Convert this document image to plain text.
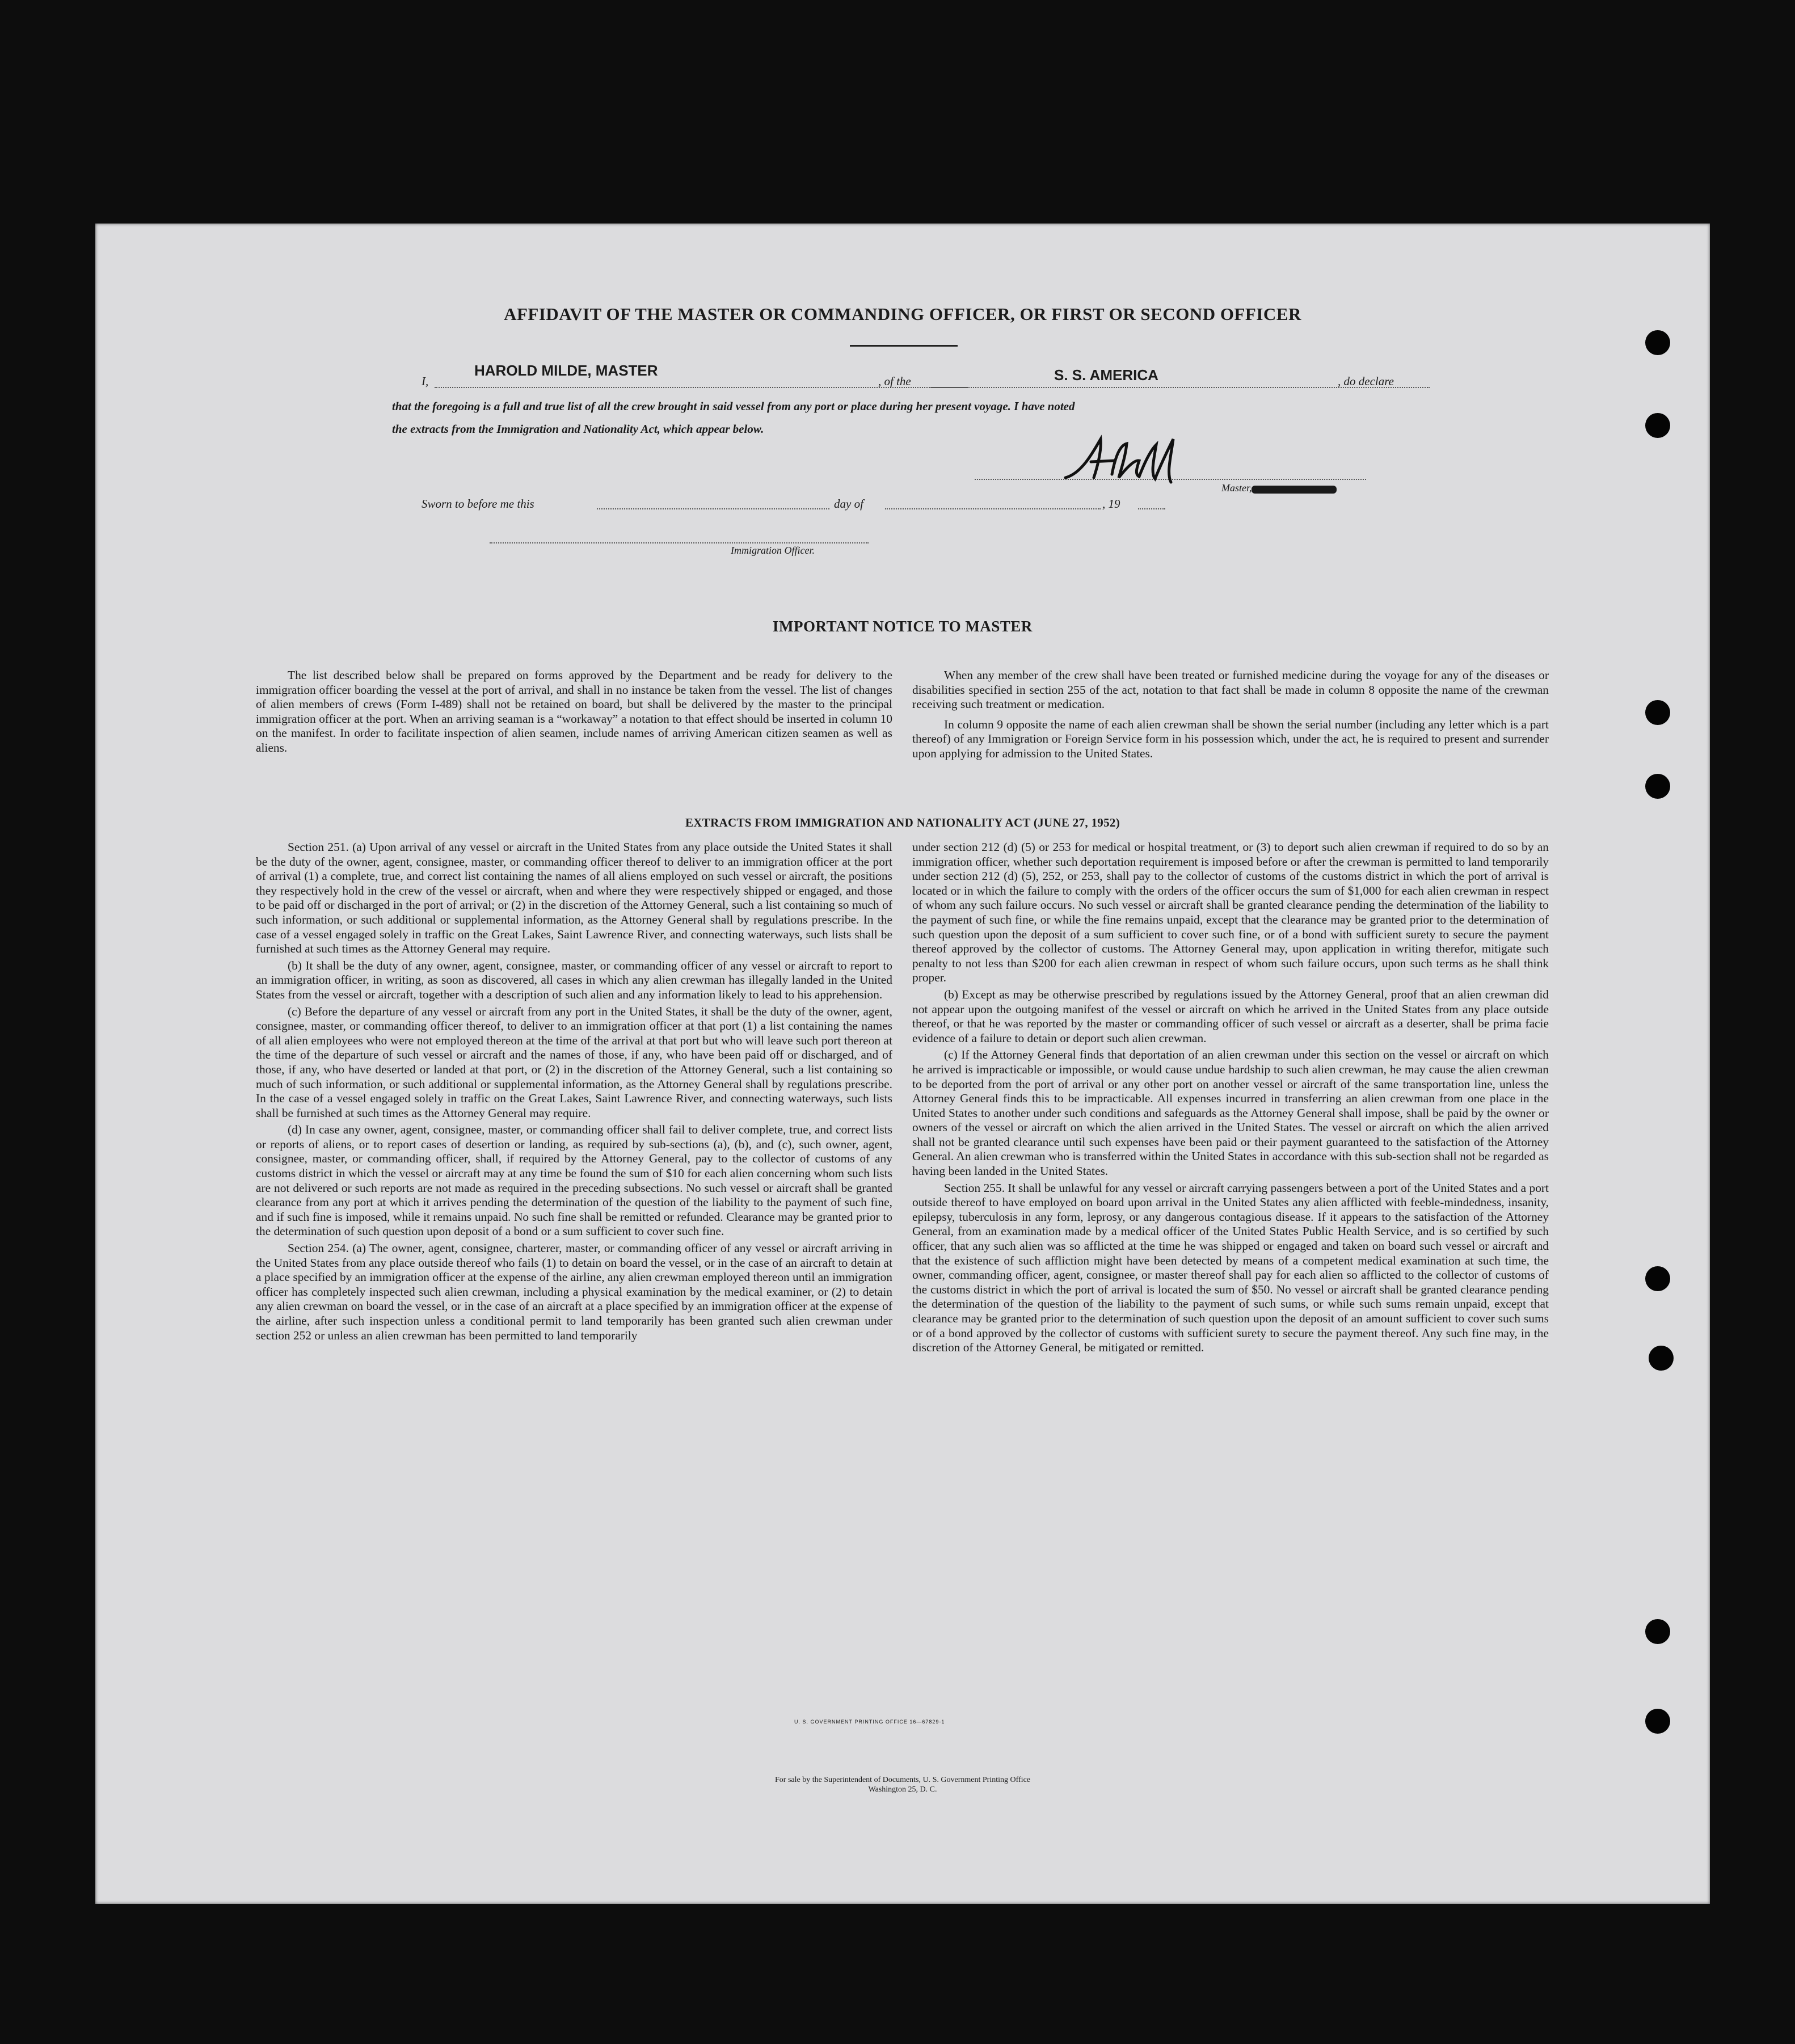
AFFIDAVIT OF THE MASTER OR COMMANDING OFFICER, OR FIRST OR SECOND OFFICER
I,
HAROLD MILDE, MASTER
, of the	S. S. AMERICA	, do declare
that the foregoing is a full and true list of all the crew brought in said vessel from any port or place during her present voyage. I have noted
the extracts from the Immigration and Nationality Act, which appear below.
Master,
Sworn to before me this	day of	, 19
Immigration Officer.
IMPORTANT NOTICE TO MASTER

The list described below shall be prepared on forms approved by the Department and be ready for delivery to the immigration officer boarding the vessel at the port of arrival, and shall in no instance be taken from the vessel. The list of changes of alien members of crews (Form I-489) shall not be retained on board, but shall be delivered by the master to the principal immigration officer at the port. When an arriving seaman is a “workaway” a notation to that effect should be inserted in column 10 on the manifest. In order to facilitate inspection of alien seamen, include names of arriving American citizen seamen as well as aliens.

When any member of the crew shall have been treated or furnished medicine during the voyage for any of the diseases or disabilities specified in section 255 of the act, notation to that fact shall be made in column 8 opposite the name of the crewman receiving such treatment or medication.

In column 9 opposite the name of each alien crewman shall be shown the serial number (including any letter which is a part thereof) of any Immigration or Foreign Service form in his possession which, under the act, he is required to present and surrender upon applying for admission to the United States.

EXTRACTS FROM IMMIGRATION AND NATIONALITY ACT (JUNE 27, 1952)

Section 251. (a) Upon arrival of any vessel or aircraft in the United States from any place outside the United States it shall be the duty of the owner, agent, consignee, master, or commanding officer thereof to deliver to an immigration officer at the port of arrival (1) a complete, true, and correct list containing the names of all aliens employed on such vessel or aircraft, the positions they respectively hold in the crew of the vessel or aircraft, when and where they were respectively shipped or engaged, and those to be paid off or discharged in the port of arrival; or (2) in the discretion of the Attorney General, such a list containing so much of such information, or such additional or supplemental information, as the Attorney General shall by regulations prescribe. In the case of a vessel engaged solely in traffic on the Great Lakes, Saint Lawrence River, and connecting waterways, such lists shall be furnished at such times as the Attorney General may require.

(b) It shall be the duty of any owner, agent, consignee, master, or commanding officer of any vessel or aircraft to report to an immigration officer, in writing, as soon as discovered, all cases in which any alien crewman has illegally landed in the United States from the vessel or aircraft, together with a description of such alien and any information likely to lead to his apprehension.

(c) Before the departure of any vessel or aircraft from any port in the United States, it shall be the duty of the owner, agent, consignee, master, or commanding officer thereof, to deliver to an immigration officer at that port (1) a list containing the names of all alien employees who were not employed thereon at the time of the arrival at that port but who will leave such port thereon at the time of the departure of such vessel or aircraft and the names of those, if any, who have been paid off or discharged, and of those, if any, who have deserted or landed at that port, or (2) in the discretion of the Attorney General, such a list containing so much of such information, or such additional or supplemental information, as the Attorney General shall by regulations prescribe. In the case of a vessel engaged solely in traffic on the Great Lakes, Saint Lawrence River, and connecting waterways, such lists shall be furnished at such times as the Attorney General may require.

(d) In case any owner, agent, consignee, master, or commanding officer shall fail to deliver complete, true, and correct lists or reports of aliens, or to report cases of desertion or landing, as required by sub-sections (a), (b), and (c), such owner, agent, consignee, master, or commanding officer, shall, if required by the Attorney General, pay to the collector of customs of any customs district in which the vessel or aircraft may at any time be found the sum of $10 for each alien concerning whom such lists are not delivered or such reports are not made as required in the preceding subsections. No such vessel or aircraft shall be granted clearance from any port at which it arrives pending the determination of the question of the liability to the payment of such fine, and if such fine is imposed, while it remains unpaid. No such fine shall be remitted or refunded. Clearance may be granted prior to the determination of such question upon deposit of a bond or a sum sufficient to cover such fine.

Section 254. (a) The owner, agent, consignee, charterer, master, or commanding officer of any vessel or aircraft arriving in the United States from any place outside thereof who fails (1) to detain on board the vessel, or in the case of an aircraft to detain at a place specified by an immigration officer at the expense of the airline, any alien crewman employed thereon until an immigration officer has completely inspected such alien crewman, including a physical examination by the medical examiner, or (2) to detain any alien crewman on board the vessel, or in the case of an aircraft at a place specified by an immigration officer at the expense of the airline, after such inspection unless a conditional permit to land temporarily has been granted such alien crewman under section 252 or unless an alien crewman has been permitted to land temporarily

under section 212 (d) (5) or 253 for medical or hospital treatment, or (3) to deport such alien crewman if required to do so by an immigration officer, whether such deportation requirement is imposed before or after the crewman is permitted to land temporarily under section 212 (d) (5), 252, or 253, shall pay to the collector of customs of the customs district in which the port of arrival is located or in which the failure to comply with the orders of the officer occurs the sum of $1,000 for each alien crewman in respect of whom any such failure occurs. No such vessel or aircraft shall be granted clearance pending the determination of the liability to the payment of such fine, or while the fine remains unpaid, except that the clearance may be granted prior to the determination of such question upon the deposit of a sum sufficient to cover such fine, or of a bond with sufficient surety to secure the payment thereof approved by the collector of customs. The Attorney General may, upon application in writing therefor, mitigate such penalty to not less than $200 for each alien crewman in respect of whom such failure occurs, upon such terms as he shall think proper.

(b) Except as may be otherwise prescribed by regulations issued by the Attorney General, proof that an alien crewman did not appear upon the outgoing manifest of the vessel or aircraft on which he arrived in the United States from any place outside thereof, or that he was reported by the master or commanding officer of such vessel or aircraft as a deserter, shall be prima facie evidence of a failure to detain or deport such alien crewman.

(c) If the Attorney General finds that deportation of an alien crewman under this section on the vessel or aircraft on which he arrived is impracticable or impossible, or would cause undue hardship to such alien crewman, he may cause the alien crewman to be deported from the port of arrival or any other port on another vessel or aircraft of the same transportation line, unless the Attorney General finds this to be impracticable. All expenses incurred in transferring an alien crewman from one place in the United States to another under such conditions and safeguards as the Attorney General shall impose, shall be paid by the owner or owners of the vessel or aircraft on which the alien arrived in the United States. The vessel or aircraft on which the alien arrived shall not be granted clearance until such expenses have been paid or their payment guaranteed to the satisfaction of the Attorney General. An alien crewman who is transferred within the United States in accordance with this sub-section shall not be regarded as having been landed in the United States.

Section 255. It shall be unlawful for any vessel or aircraft carrying passengers between a port of the United States and a port outside thereof to have employed on board upon arrival in the United States any alien afflicted with feeble-mindedness, insanity, epilepsy, tuberculosis in any form, leprosy, or any dangerous contagious disease. If it appears to the satisfaction of the Attorney General, from an examination made by a medical officer of the United States Public Health Service, and is so certified by such officer, that any such alien was so afflicted at the time he was shipped or engaged and taken on board such vessel or aircraft and that the existence of such affliction might have been detected by means of a competent medical examination at such time, the owner, commanding officer, agent, consignee, or master thereof shall pay for each alien so afflicted to the collector of customs of the customs district in which the port of arrival is located the sum of $50. No vessel or aircraft shall be granted clearance pending the determination of the question of the liability to the payment of such sums, or while such sums remain unpaid, except that clearance may be granted prior to the determination of such question upon the deposit of an amount sufficient to cover such sums or of a bond approved by the collector of customs with sufficient surety to secure the payment thereof. Any such fine may, in the discretion of the Attorney General, be mitigated or remitted.

U. S. GOVERNMENT PRINTING OFFICE 16—67829-1
For sale by the Superintendent of Documents, U. S. Government Printing Office
Washington 25, D. C.
